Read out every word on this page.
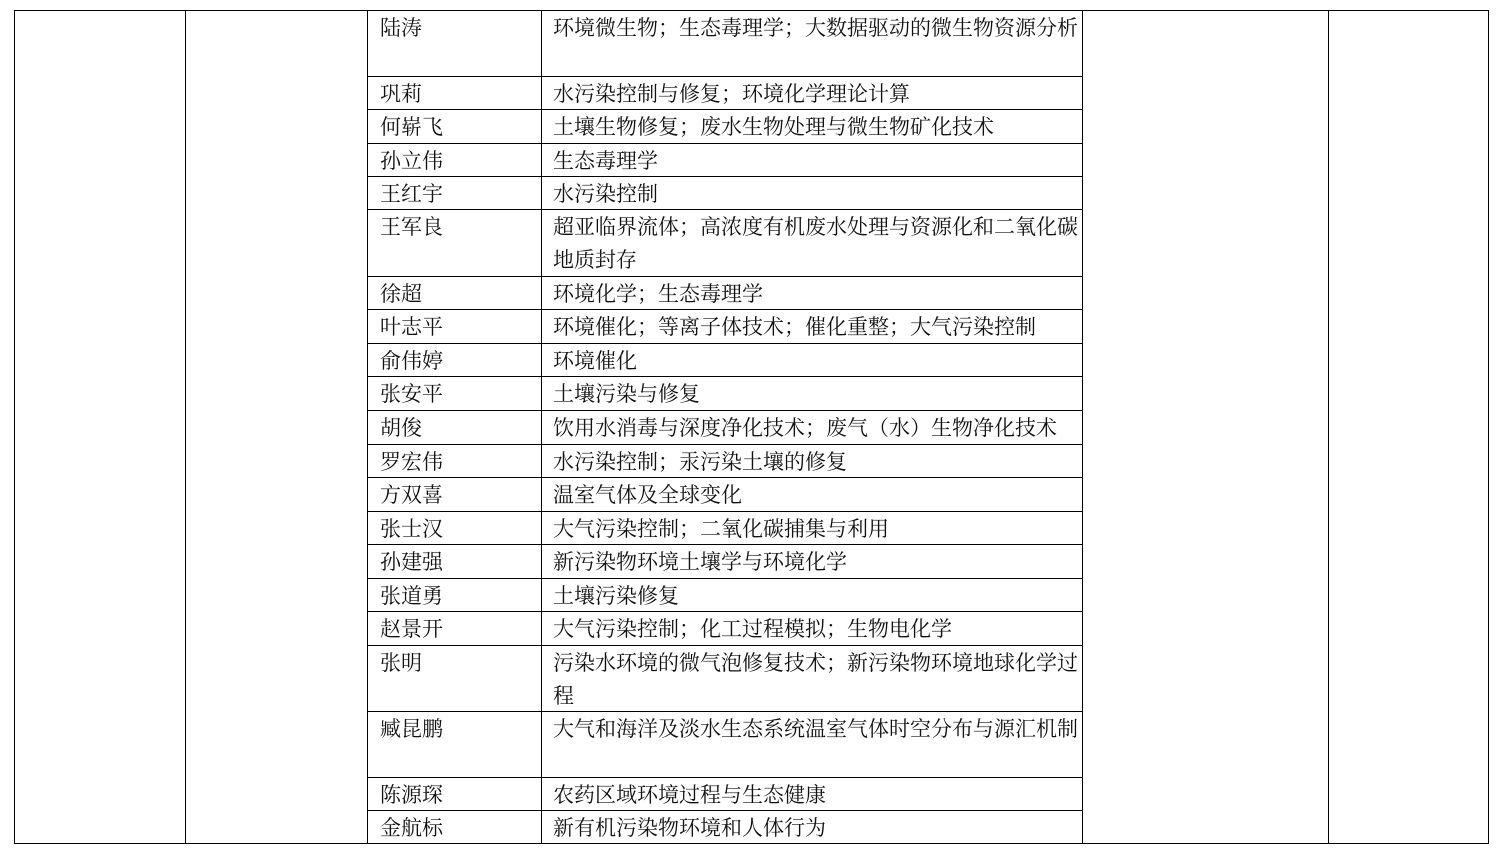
陆涛	环境微生物；生态毒理学；大数据驱动的微生物资源分析
巩莉	水污染控制与修复；环境化学理论计算
何崭飞	土壤生物修复；废水生物处理与微生物矿化技术
孙立伟	生态毒理学
王红宇	水污染控制
王军良	超亚临界流体；高浓度有机废水处理与资源化和二氧化碳地质封存
徐超	环境化学；生态毒理学
叶志平	环境催化；等离子体技术；催化重整；大气污染控制
俞伟婷	环境催化
张安平	土壤污染与修复
胡俊	饮用水消毒与深度净化技术；废气（水）生物净化技术
罗宏伟	水污染控制；汞污染土壤的修复
方双喜	温室气体及全球变化
张士汉	大气污染控制；二氧化碳捕集与利用
孙建强	新污染物环境土壤学与环境化学
张道勇	土壤污染修复
赵景开	大气污染控制；化工过程模拟；生物电化学
张明	污染水环境的微气泡修复技术；新污染物环境地球化学过程
臧昆鹏	大气和海洋及淡水生态系统温室气体时空分布与源汇机制
陈源琛	农药区域环境过程与生态健康
金航标	新有机污染物环境和人体行为
